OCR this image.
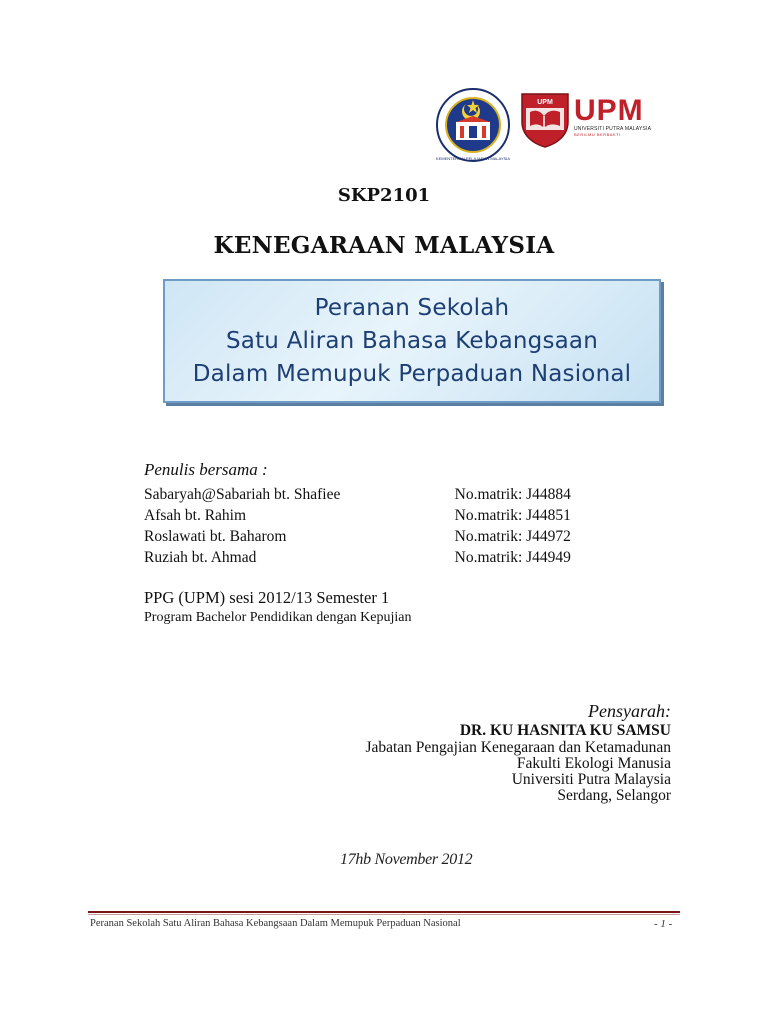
KEMENTERIAN PELAJARAN MALAYSIA
UPM UPM
UNIVERSITI PUTRA MALAYSIA
BERILMU BERBAKTI
SKP2101
KENEGARAAN MALAYSIA
Peranan Sekolah
Satu Aliran Bahasa Kebangsaan
Dalam Memupuk Perpaduan Nasional
Penulis bersama :
Sabaryah@Sabariah bt. Shafiee	No.matrik: J44884
Afsah bt. Rahim	No.matrik: J44851
Roslawati bt. Baharom	No.matrik: J44972
Ruziah bt. Ahmad	No.matrik: J44949
PPG (UPM) sesi 2012/13 Semester 1
Program Bachelor Pendidikan dengan Kepujian
Pensyarah:
DR. KU HASNITA KU SAMSU
Jabatan Pengajian Kenegaraan dan Ketamadunan
Fakulti Ekologi Manusia
Universiti Putra Malaysia
Serdang, Selangor
17hb November 2012
Peranan Sekolah Satu Aliran Bahasa Kebangsaan Dalam Memupuk Perpaduan Nasional	- 1 -
